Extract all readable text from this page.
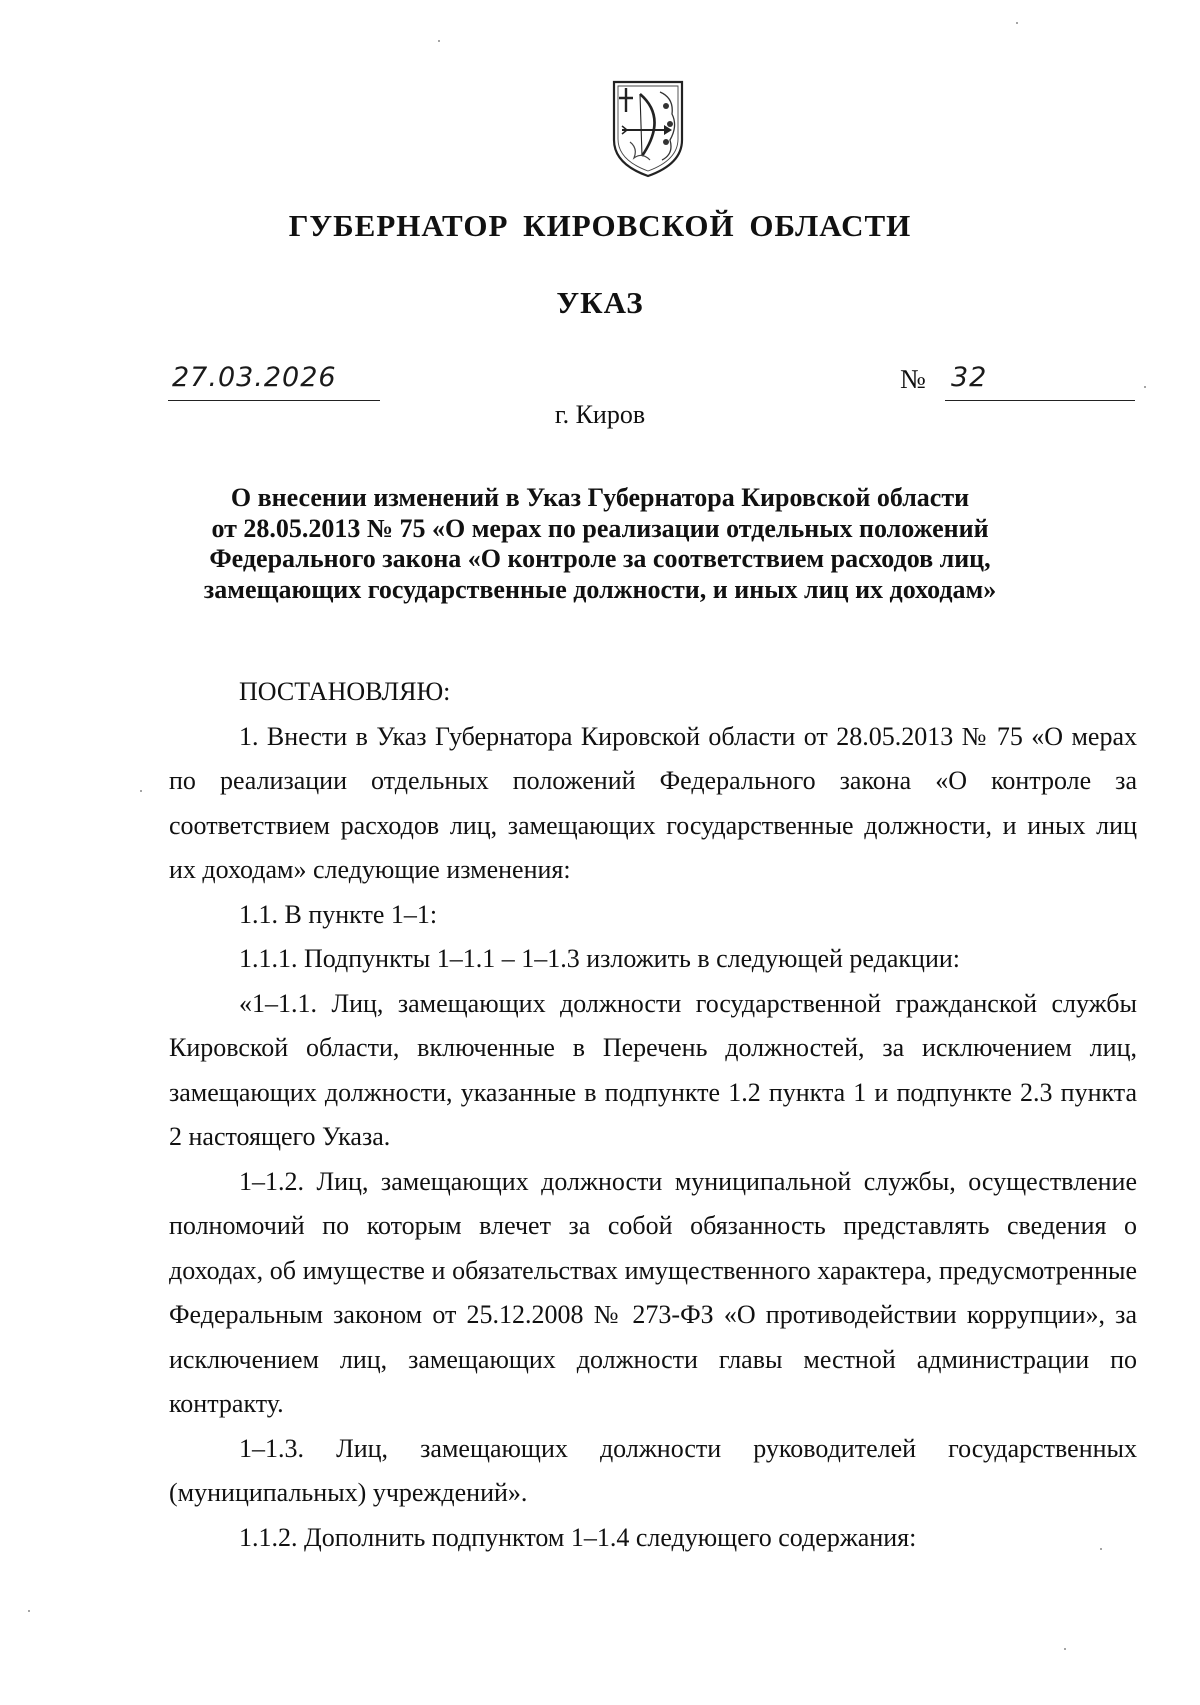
ГУБЕРНАТОР КИРОВСКОЙ ОБЛАСТИ
УКАЗ
27.03.2026	№ 32
г. Киров
О внесении изменений в Указ Губернатора Кировской области
от 28.05.2013 № 75 «О мерах по реализации отдельных положений
Федерального закона «О контроле за соответствием расходов лиц,
замещающих государственные должности, и иных лиц их доходам»

ПОСТАНОВЛЯЮ:

1. Внести в Указ Губернатора Кировской области от 28.05.2013 № 75 «О мерах по реализации отдельных положений Федерального закона «О контроле за соответствием расходов лиц, замещающих государственные должности, и иных лиц их доходам» следующие изменения:

1.1. В пункте 1–1:

1.1.1. Подпункты 1–1.1 – 1–1.3 изложить в следующей редакции:

«1–1.1. Лиц, замещающих должности государственной гражданской службы Кировской области, включенные в Перечень должностей, за исключением лиц, замещающих должности, указанные в подпункте 1.2 пункта 1 и подпункте 2.3 пункта 2 настоящего Указа.

1–1.2. Лиц, замещающих должности муниципальной службы, осуществление полномочий по которым влечет за собой обязанность представлять сведения о доходах, об имуществе и обязательствах имущественного характера, предусмотренные Федеральным законом от 25.12.2008 № 273-ФЗ «О противодействии коррупции», за исключением лиц, замещающих должности главы местной администрации по контракту.

1–1.3. Лиц, замещающих должности руководителей государственных (муниципальных) учреждений».

1.1.2. Дополнить подпунктом 1–1.4 следующего содержания:
